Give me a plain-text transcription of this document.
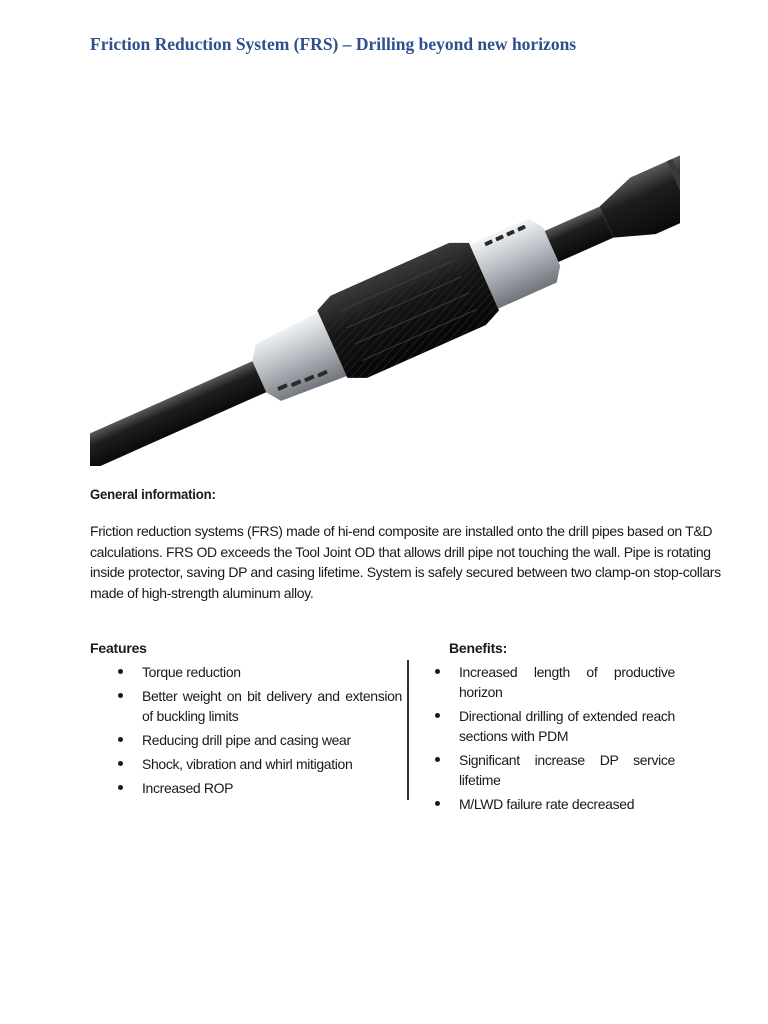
Friction Reduction System (FRS) – Drilling beyond new horizons
General information:

Friction reduction systems (FRS) made of hi-end composite are installed onto the drill pipes based on T&D calculations. FRS OD exceeds the Tool Joint OD that allows drill pipe not touching the wall. Pipe is rotating inside protector, saving DP and casing lifetime. System is safely secured between two clamp-on stop-collars made of high-strength aluminum alloy.

Features	Benefits:
Torque reduction
Better weight on bit delivery and extension of buckling limits
Reducing drill pipe and casing wear
Shock, vibration and whirl mitigation
Increased ROP
Increased length of productive horizon
Directional drilling of extended reach sections with PDM
Significant increase DP service lifetime
M/LWD failure rate decreased
